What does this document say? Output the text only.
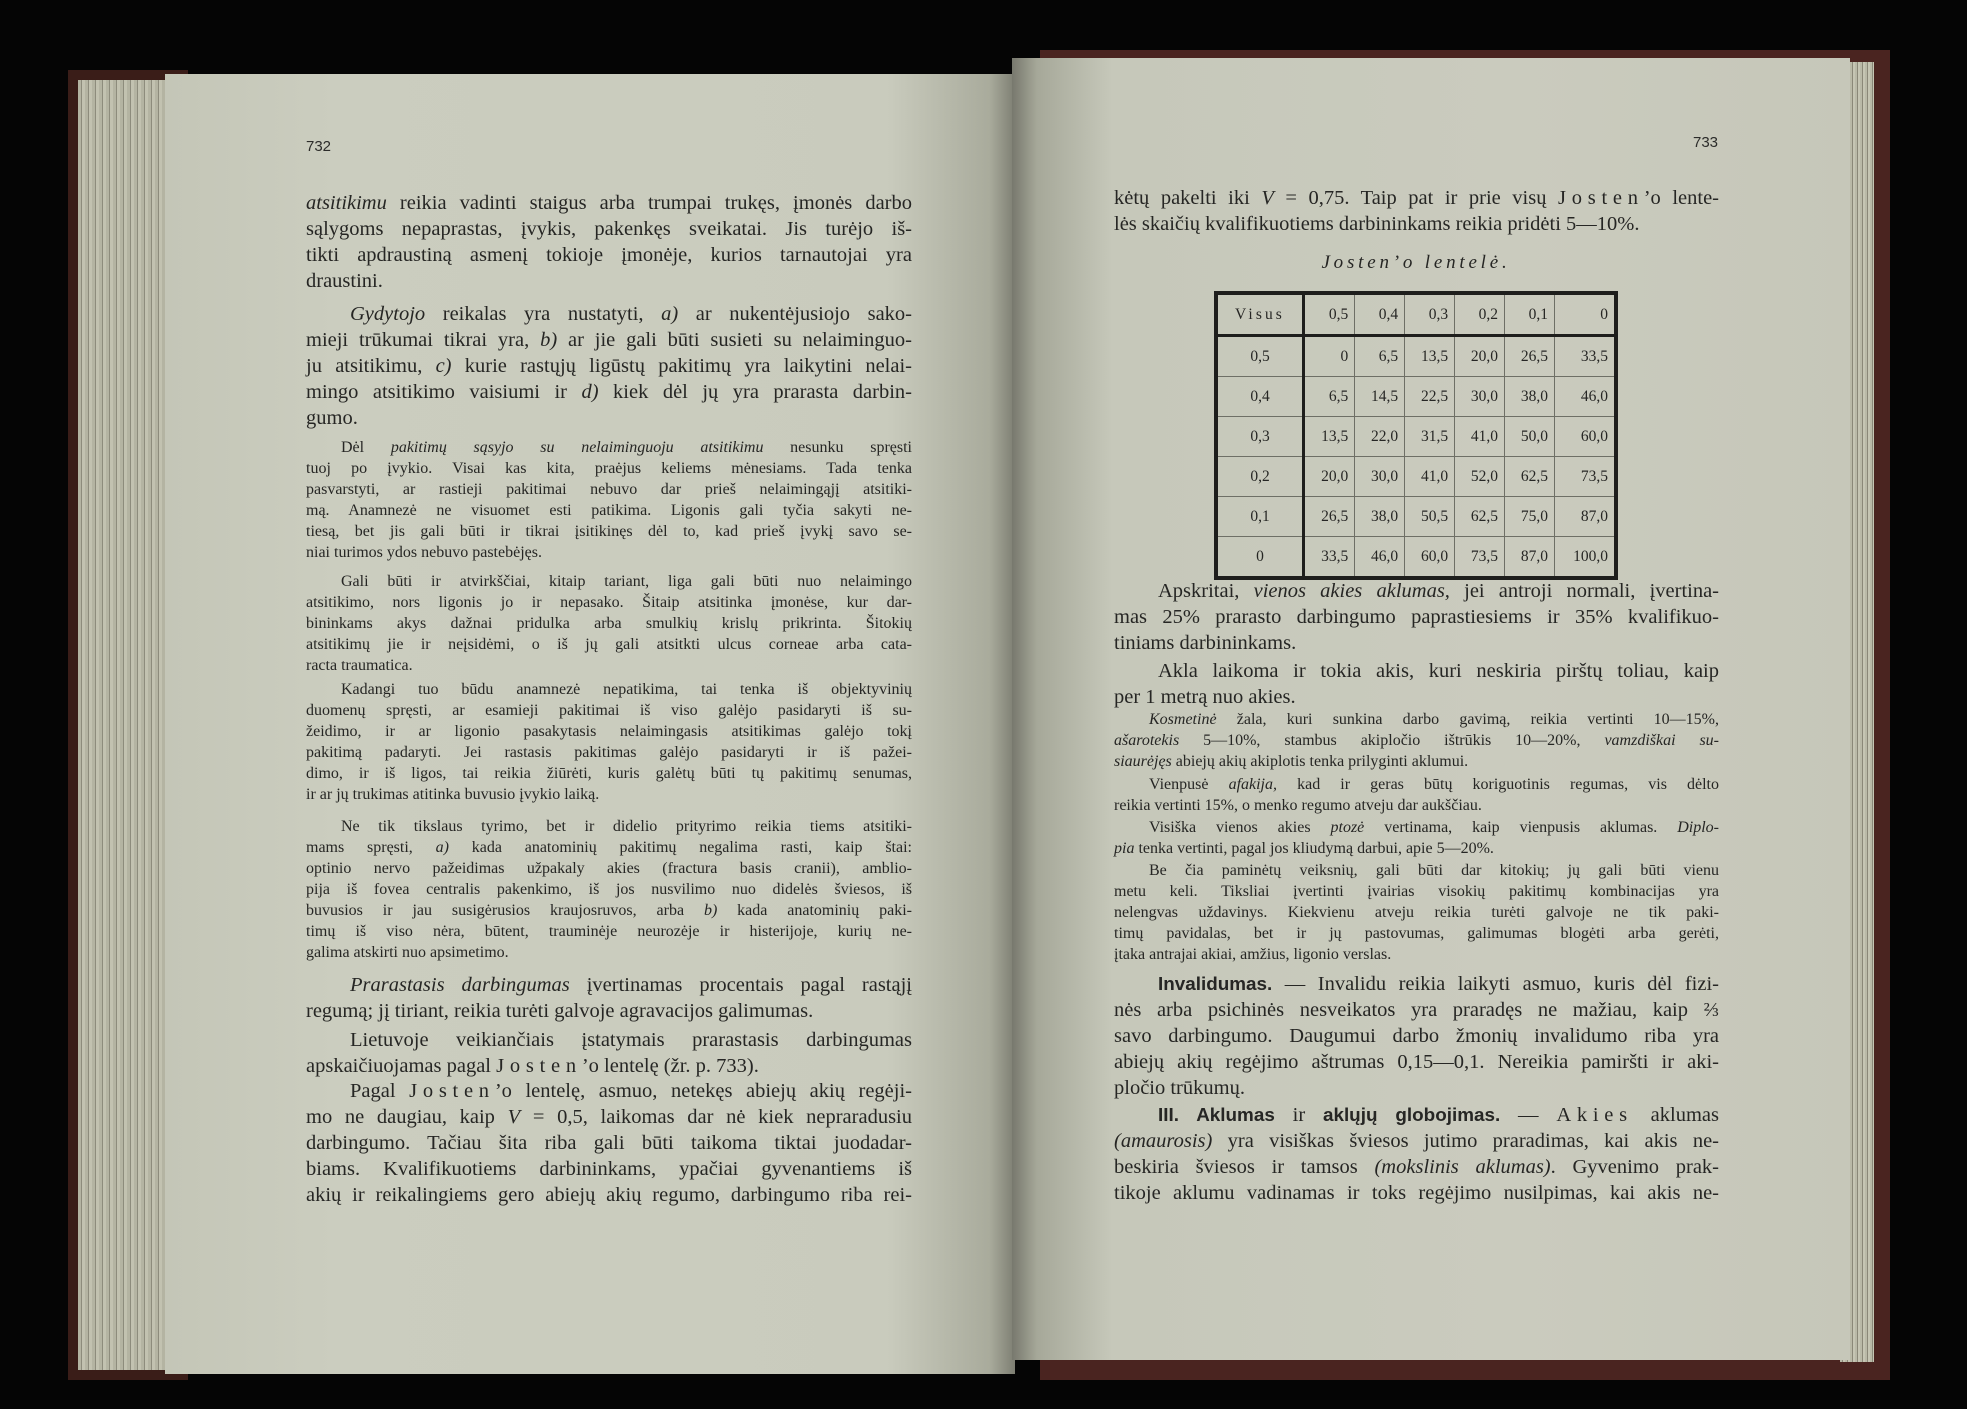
732	733
atsitikimu reikia vadinti staigus arba trumpai trukęs, įmonės darbo
sąlygoms nepaprastas, įvykis, pakenkęs sveikatai. Jis turėjo iš-
tikti apdraustiną asmenį tokioje įmonėje, kurios tarnautojai yra
draustini.
Gydytojo reikalas yra nustatyti, a) ar nukentėjusiojo sako-
mieji trūkumai tikrai yra, b) ar jie gali būti susieti su nelaiminguo-
ju atsitikimu, c) kurie rastųjų ligūstų pakitimų yra laikytini nelai-
mingo atsitikimo vaisiumi ir d) kiek dėl jų yra prarasta darbin-
gumo.
Dėl pakitimų sąsyjo su nelaiminguoju atsitikimu nesunku spręsti
tuoj po įvykio. Visai kas kita, praėjus keliems mėnesiams. Tada tenka
pasvarstyti, ar rastieji pakitimai nebuvo dar prieš nelaimingąjį atsitiki-
mą. Anamnezė ne visuomet esti patikima. Ligonis gali tyčia sakyti ne-
tiesą, bet jis gali būti ir tikrai įsitikinęs dėl to, kad prieš įvykį savo se-
niai turimos ydos nebuvo pastebėjęs.
Gali būti ir atvirkščiai, kitaip tariant, liga gali būti nuo nelaimingo
atsitikimo, nors ligonis jo ir nepasako. Šitaip atsitinka įmonėse, kur dar-
bininkams akys dažnai pridulka arba smulkių krislų prikrinta. Šitokių
atsitikimų jie ir neįsidėmi, o iš jų gali atsitkti ulcus corneae arba cata-
racta traumatica.
Kadangi tuo būdu anamnezė nepatikima, tai tenka iš objektyvinių
duomenų spręsti, ar esamieji pakitimai iš viso galėjo pasidaryti iš su-
žeidimo, ir ar ligonio pasakytasis nelaimingasis atsitikimas galėjo tokį
pakitimą padaryti. Jei rastasis pakitimas galėjo pasidaryti ir iš pažei-
dimo, ir iš ligos, tai reikia žiūrėti, kuris galėtų būti tų pakitimų senumas,
ir ar jų trukimas atitinka buvusio įvykio laiką.
Ne tik tikslaus tyrimo, bet ir didelio prityrimo reikia tiems atsitiki-
mams spręsti, a) kada anatominių pakitimų negalima rasti, kaip štai:
optinio nervo pažeidimas užpakaly akies (fractura basis cranii), amblio-
pija iš fovea centralis pakenkimo, iš jos nusvilimo nuo didelės šviesos, iš
buvusios ir jau susigėrusios kraujosruvos, arba b) kada anatominių paki-
timų iš viso nėra, būtent, trauminėje neurozėje ir histerijoje, kurių ne-
galima atskirti nuo apsimetimo.
Prarastasis darbingumas įvertinamas procentais pagal rastąjį
regumą; jį tiriant, reikia turėti galvoje agravacijos galimumas.
Lietuvoje veikiančiais įstatymais prarastasis darbingumas
apskaičiuojamas pagal Josten’o lentelę (žr. p. 733).
Pagal Josten’o lentelę, asmuo, netekęs abiejų akių regėji-
mo ne daugiau, kaip V = 0,5, laikomas dar nė kiek nepraradusiu
darbingumo. Tačiau šita riba gali būti taikoma tiktai juodadar-
biams. Kvalifikuotiems darbininkams, ypačiai gyvenantiems iš
akių ir reikalingiems gero abiejų akių regumo, darbingumo riba rei-
kėtų pakelti iki V = 0,75. Taip pat ir prie visų Josten’o lente-
lės skaičių kvalifikuotiems darbininkams reikia pridėti 5—10%.
Apskritai, vienos akies aklumas, jei antroji normali, įvertina-
mas 25% prarasto darbingumo paprastiesiems ir 35% kvalifikuo-
tiniams darbininkams.
Akla laikoma ir tokia akis, kuri neskiria pirštų toliau, kaip
per 1 metrą nuo akies.
Kosmetinė žala, kuri sunkina darbo gavimą, reikia vertinti 10—15%,
ašarotekis 5—10%, stambus akipločio ištrūkis 10—20%, vamzdiškai su-
siaurėjęs abiejų akių akiplotis tenka prilyginti aklumui.
Vienpusė afakija, kad ir geras būtų koriguotinis regumas, vis dėlto
reikia vertinti 15%, o menko regumo atveju dar aukščiau.
Visiška vienos akies ptozė vertinama, kaip vienpusis aklumas. Diplo-
pia tenka vertinti, pagal jos kliudymą darbui, apie 5—20%.
Be čia paminėtų veiksnių, gali būti dar kitokių; jų gali būti vienu
metu keli. Tiksliai įvertinti įvairias visokių pakitimų kombinacijas yra
nelengvas uždavinys. Kiekvienu atveju reikia turėti galvoje ne tik paki-
timų pavidalas, bet ir jų pastovumas, galimumas blogėti arba gerėti,
įtaka antrajai akiai, amžius, ligonio verslas.
Invalidumas. — Invalidu reikia laikyti asmuo, kuris dėl fizi-
nės arba psichinės nesveikatos yra praradęs ne mažiau, kaip ⅔
savo darbingumo. Daugumui darbo žmonių invalidumo riba yra
abiejų akių regėjimo aštrumas 0,15—0,1. Nereikia pamiršti ir aki-
pločio trūkumų.
III. Aklumas ir aklųjų globojimas. — Akies aklumas
(amaurosis) yra visiškas šviesos jutimo praradimas, kai akis ne-
beskiria šviesos ir tamsos (mokslinis aklumas). Gyvenimo prak-
tikoje aklumu vadinamas ir toks regėjimo nusilpimas, kai akis ne-
Josten’o lentelė.
Visus	0,5	0,4	0,3	0,2	0,1	0
0,5	0	6,5	13,5	20,0	26,5	33,5
0,4	6,5	14,5	22,5	30,0	38,0	46,0
0,3	13,5	22,0	31,5	41,0	50,0	60,0
0,2	20,0	30,0	41,0	52,0	62,5	73,5
0,1	26,5	38,0	50,5	62,5	75,0	87,0
0	33,5	46,0	60,0	73,5	87,0	100,0
